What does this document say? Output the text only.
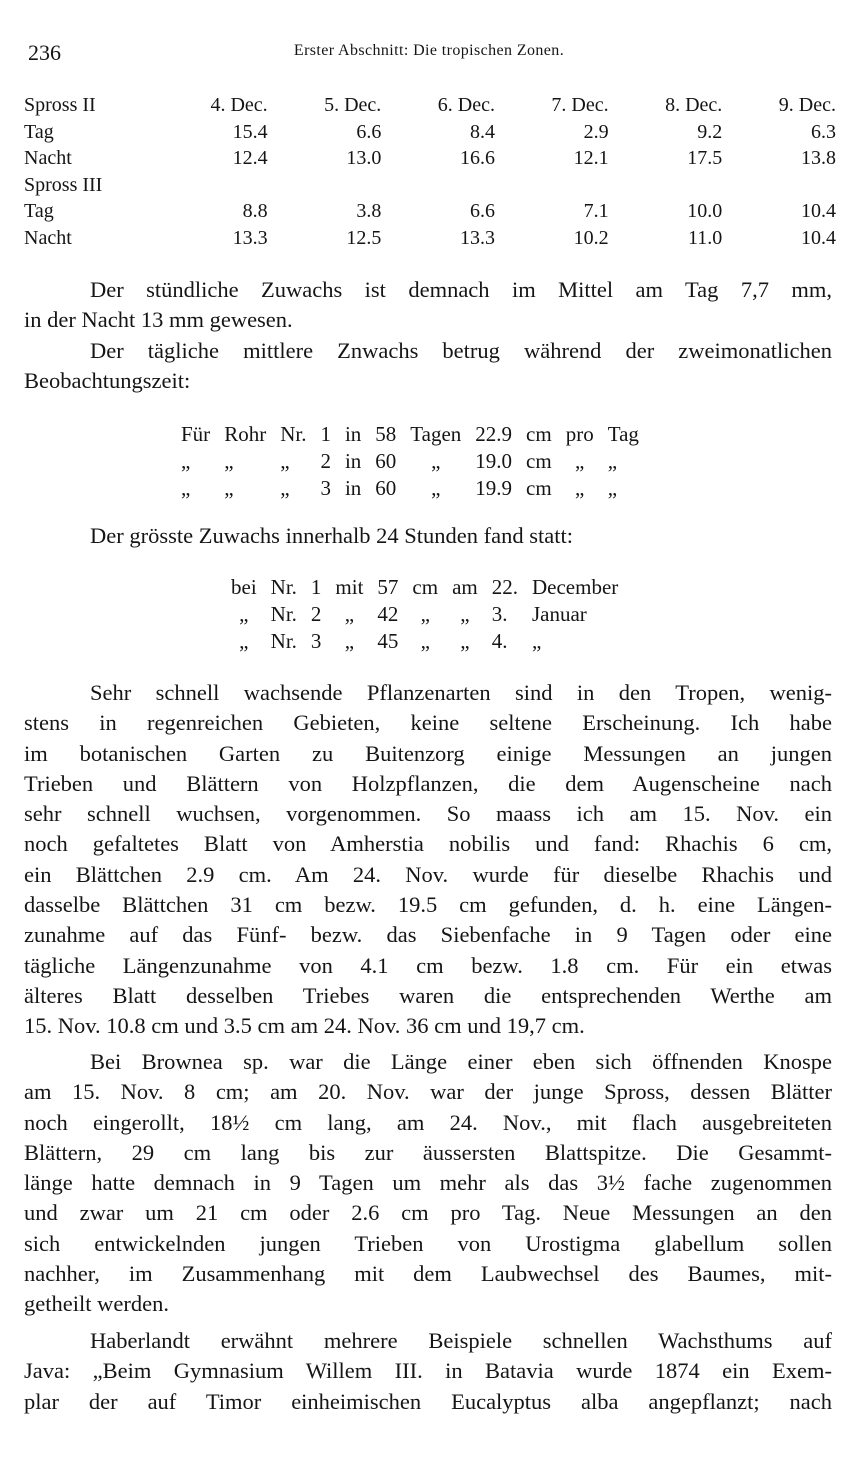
236	Erster Abschnitt: Die tropischen Zonen.
Spross II	4. Dec.	5. Dec.	6. Dec.	7. Dec.	8. Dec.	9. Dec.
Tag	15.4	6.6	8.4	2.9	9.2	6.3
Nacht	12.4	13.0	16.6	12.1	17.5	13.8
Spross III						
Tag	8.8	3.8	6.6	7.1	10.0	10.4
Nacht	13.3	12.5	13.3	10.2	11.0	10.4

Der stündliche Zuwachs ist demnach im Mittel am Tag 7,7 mm,
in der Nacht 13 mm gewesen.

Der tägliche mittlere Znwachs betrug während der zweimonatlichen
Beobachtungszeit:

Für	Rohr	Nr.	1	in	58	Tagen	22.9	cm	pro	Tag
„	„	„	2	in	60	„	19.0	cm	„	„
„	„	„	3	in	60	„	19.9	cm	„	„

Der grösste Zuwachs innerhalb 24 Stunden fand statt:

bei	Nr.	1	mit	57	cm	am	22.	December
„	Nr.	2	„	42	„	„	3.	Januar
„	Nr.	3	„	45	„	„	4.	„

Sehr schnell wachsende Pflanzenarten sind in den Tropen, wenig-
stens in regenreichen Gebieten, keine seltene Erscheinung. Ich habe
im botanischen Garten zu Buitenzorg einige Messungen an jungen
Trieben und Blättern von Holzpflanzen, die dem Augenscheine nach
sehr schnell wuchsen, vorgenommen. So maass ich am 15. Nov. ein
noch gefaltetes Blatt von Amherstia nobilis und fand: Rhachis 6 cm,
ein Blättchen 2.9 cm. Am 24. Nov. wurde für dieselbe Rhachis und
dasselbe Blättchen 31 cm bezw. 19.5 cm gefunden, d. h. eine Längen-
zunahme auf das Fünf- bezw. das Siebenfache in 9 Tagen oder eine
tägliche Längenzunahme von 4.1 cm bezw. 1.8 cm. Für ein etwas
älteres Blatt desselben Triebes waren die entsprechenden Werthe am
15. Nov. 10.8 cm und 3.5 cm am 24. Nov. 36 cm und 19,7 cm.

Bei Brownea sp. war die Länge einer eben sich öffnenden Knospe
am 15. Nov. 8 cm; am 20. Nov. war der junge Spross, dessen Blätter
noch eingerollt, 18½ cm lang, am 24. Nov., mit flach ausgebreiteten
Blättern, 29 cm lang bis zur äussersten Blattspitze. Die Gesammt-
länge hatte demnach in 9 Tagen um mehr als das 3½ fache zugenommen
und zwar um 21 cm oder 2.6 cm pro Tag. Neue Messungen an den
sich entwickelnden jungen Trieben von Urostigma glabellum sollen
nachher, im Zusammenhang mit dem Laubwechsel des Baumes, mit-
getheilt werden.

Haberlandt erwähnt mehrere Beispiele schnellen Wachsthums auf
Java: „Beim Gymnasium Willem III. in Batavia wurde 1874 ein Exem-
plar der auf Timor einheimischen Eucalyptus alba angepflanzt; nach
